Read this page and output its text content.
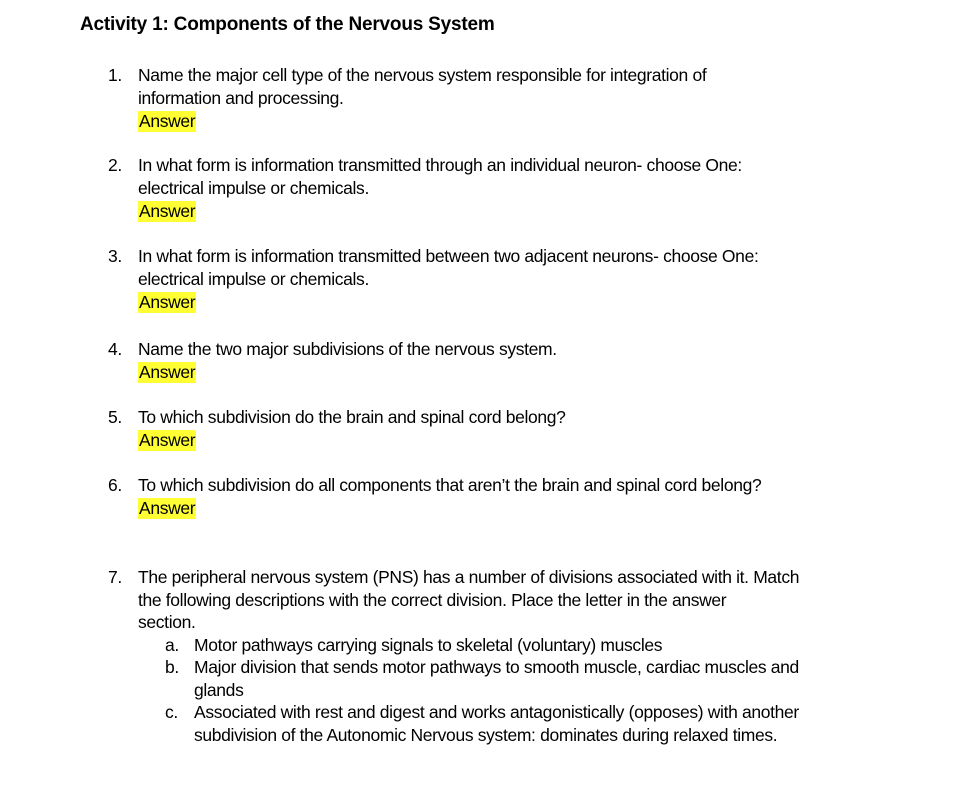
Activity 1: Components of the Nervous System
1. Name the major cell type of the nervous system responsible for integration of
information and processing.
Answer
2. In what form is information transmitted through an individual neuron- choose One:
electrical impulse or chemicals.
Answer
3. In what form is information transmitted between two adjacent neurons- choose One:
electrical impulse or chemicals.
Answer
4. Name the two major subdivisions of the nervous system.
Answer
5. To which subdivision do the brain and spinal cord belong?
Answer
6. To which subdivision do all components that aren’t the brain and spinal cord belong?
Answer
7. The peripheral nervous system (PNS) has a number of divisions associated with it. Match
the following descriptions with the correct division. Place the letter in the answer
section.
a. Motor pathways carrying signals to skeletal (voluntary) muscles
b. Major division that sends motor pathways to smooth muscle, cardiac muscles and
glands
c. Associated with rest and digest and works antagonistically (opposes) with another
subdivision of the Autonomic Nervous system: dominates during relaxed times.
